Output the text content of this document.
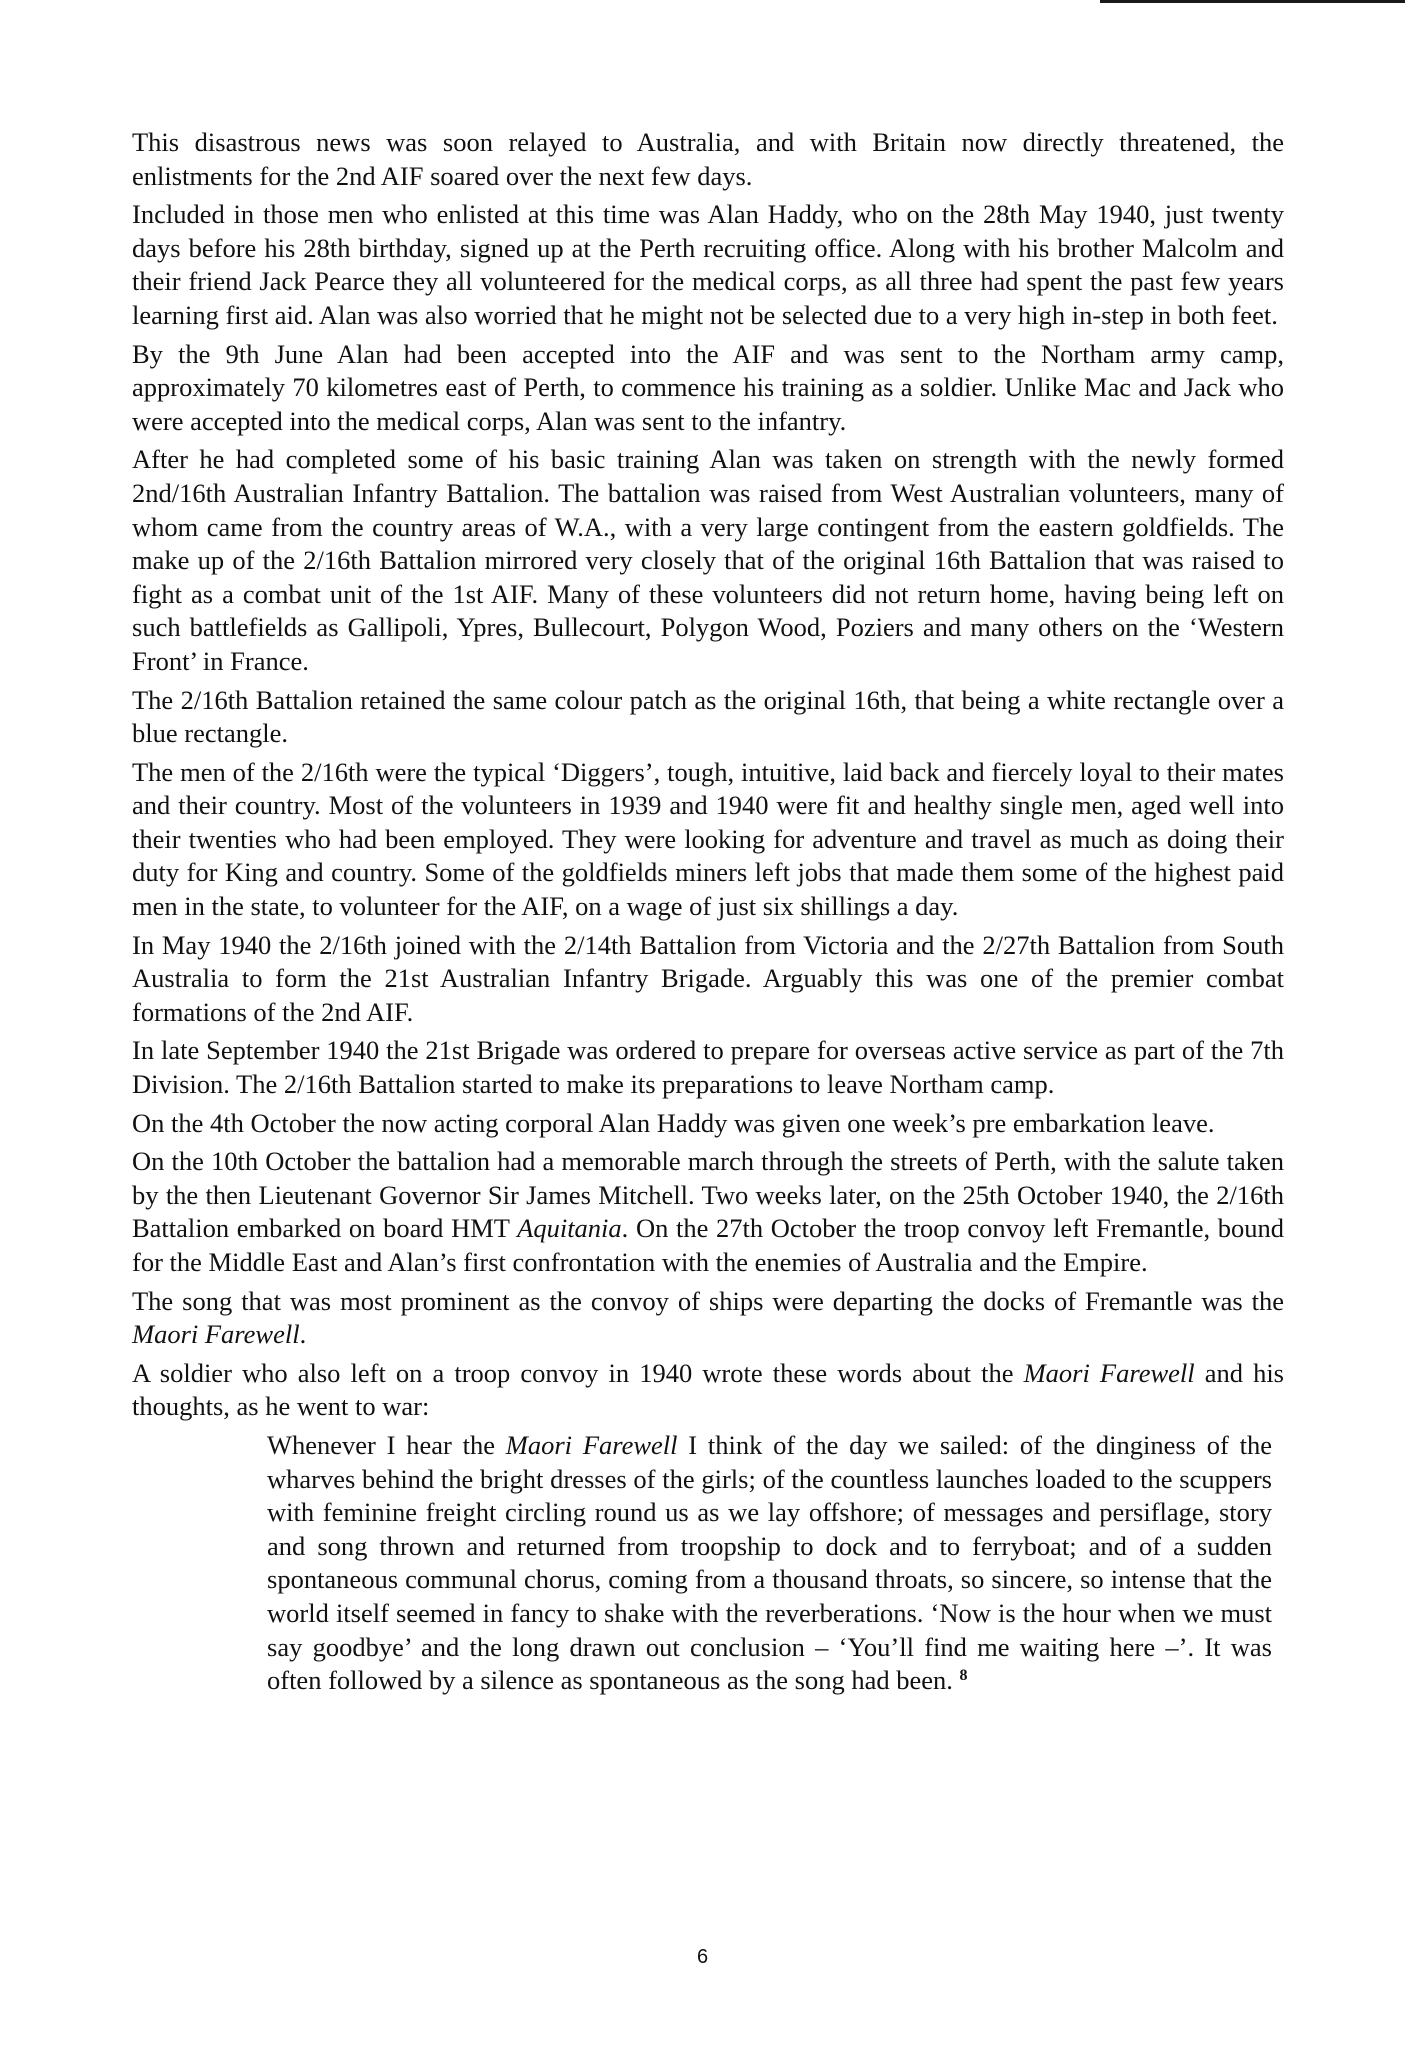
This disastrous news was soon relayed to Australia, and with Britain now directly threatened, the enlistments for the 2nd AIF soared over the next few days.

Included in those men who enlisted at this time was Alan Haddy, who on the 28th May 1940, just twenty days before his 28th birthday, signed up at the Perth recruiting office. Along with his brother Malcolm and their friend Jack Pearce they all volunteered for the medical corps, as all three had spent the past few years learning first aid. Alan was also worried that he might not be selected due to a very high in-step in both feet.

By the 9th June Alan had been accepted into the AIF and was sent to the Northam army camp, approximately 70 kilometres east of Perth, to commence his training as a soldier. Unlike Mac and Jack who were accepted into the medical corps, Alan was sent to the infantry.

After he had completed some of his basic training Alan was taken on strength with the newly formed 2nd/16th Australian Infantry Battalion. The battalion was raised from West Australian volunteers, many of whom came from the country areas of W.A., with a very large contingent from the eastern goldfields. The make up of the 2/16th Battalion mirrored very closely that of the original 16th Battalion that was raised to fight as a combat unit of the 1st AIF. Many of these volunteers did not return home, having being left on such battlefields as Gallipoli, Ypres, Bullecourt, Polygon Wood, Poziers and many others on the ‘Western Front’ in France.

The 2/16th Battalion retained the same colour patch as the original 16th, that being a white rectangle over a blue rectangle.

The men of the 2/16th were the typical ‘Diggers’, tough, intuitive, laid back and fiercely loyal to their mates and their country. Most of the volunteers in 1939 and 1940 were fit and healthy single men, aged well into their twenties who had been employed. They were looking for adventure and travel as much as doing their duty for King and country. Some of the goldfields miners left jobs that made them some of the highest paid men in the state, to volunteer for the AIF, on a wage of just six shillings a day.

In May 1940 the 2/16th joined with the 2/14th Battalion from Victoria and the 2/27th Battalion from South Australia to form the 21st Australian Infantry Brigade. Arguably this was one of the premier combat formations of the 2nd AIF.

In late September 1940 the 21st Brigade was ordered to prepare for overseas active service as part of the 7th Division. The 2/16th Battalion started to make its preparations to leave Northam camp.

On the 4th October the now acting corporal Alan Haddy was given one week’s pre embarkation leave.

On the 10th October the battalion had a memorable march through the streets of Perth, with the salute taken by the then Lieutenant Governor Sir James Mitchell. Two weeks later, on the 25th October 1940, the 2/16th Battalion embarked on board HMT Aquitania. On the 27th October the troop convoy left Fremantle, bound for the Middle East and Alan’s first confrontation with the enemies of Australia and the Empire.

The song that was most prominent as the convoy of ships were departing the docks of Fremantle was the Maori Farewell.

A soldier who also left on a troop convoy in 1940 wrote these words about the Maori Farewell and his thoughts, as he went to war:

Whenever I hear the Maori Farewell I think of the day we sailed: of the dinginess of the wharves behind the bright dresses of the girls; of the countless launches loaded to the scuppers with feminine freight circling round us as we lay offshore; of messages and persiflage, story and song thrown and returned from troopship to dock and to ferryboat; and of a sudden spontaneous communal chorus, coming from a thousand throats, so sincere, so intense that the world itself seemed in fancy to shake with the reverberations. ‘Now is the hour when we must say goodbye’ and the long drawn out conclusion – ‘You’ll find me waiting here –’. It was often followed by a silence as spontaneous as the song had been. $^8$

6
